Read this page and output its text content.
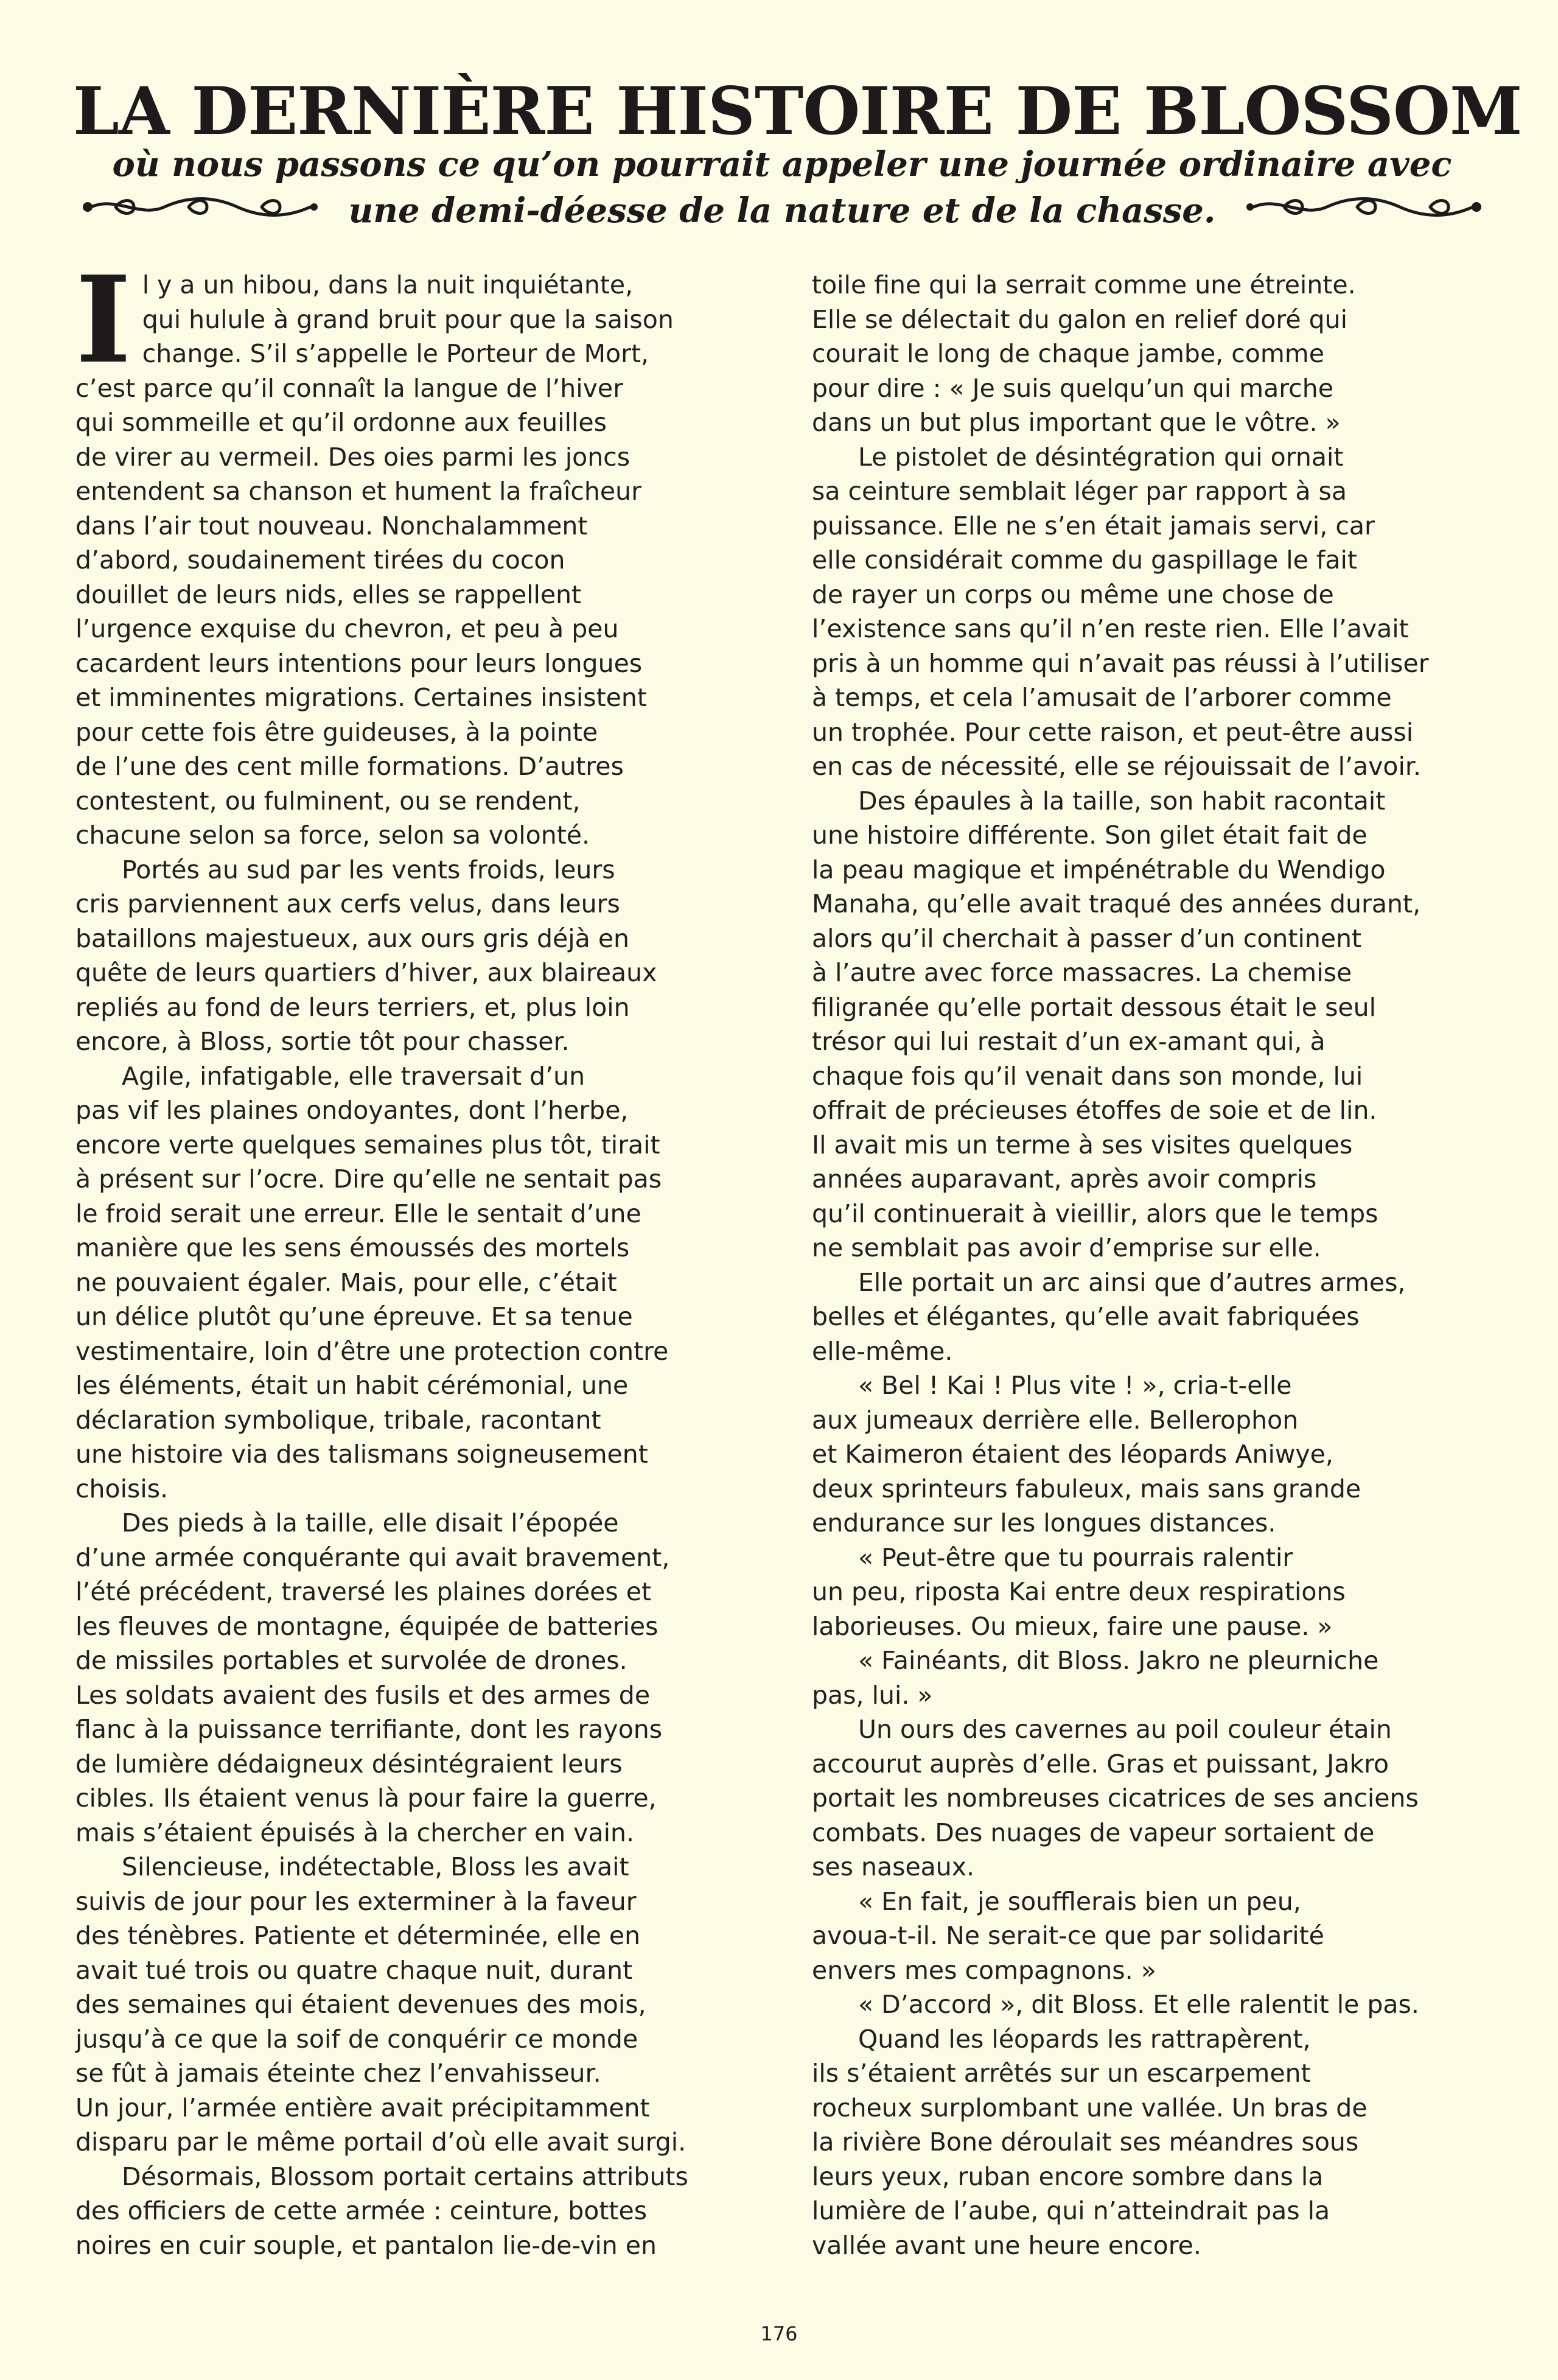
LA DERNIÈRE HISTOIRE DE BLOSSOM
où nous passons ce qu’on pourrait appeler une journée ordinaire avec
une demi-déesse de la nature et de la chasse.

I l y a un hibou, dans la nuit inquiétante,
qui hulule à grand bruit pour que la saison
change. S’il s’appelle le Porteur de Mort,
c’est parce qu’il connaît la langue de l’hiver
qui sommeille et qu’il ordonne aux feuilles
de virer au vermeil. Des oies parmi les joncs
entendent sa chanson et hument la fraîcheur
dans l’air tout nouveau. Nonchalamment
d’abord, soudainement tirées du cocon
douillet de leurs nids, elles se rappellent
l’urgence exquise du chevron, et peu à peu
cacardent leurs intentions pour leurs longues
et imminentes migrations. Certaines insistent
pour cette fois être guideuses, à la pointe
de l’une des cent mille formations. D’autres
contestent, ou fulminent, ou se rendent,
chacune selon sa force, selon sa volonté.

Portés au sud par les vents froids, leurs
cris parviennent aux cerfs velus, dans leurs
bataillons majestueux, aux ours gris déjà en
quête de leurs quartiers d’hiver, aux blaireaux
repliés au fond de leurs terriers, et, plus loin
encore, à Bloss, sortie tôt pour chasser.

Agile, infatigable, elle traversait d’un
pas vif les plaines ondoyantes, dont l’herbe,
encore verte quelques semaines plus tôt, tirait
à présent sur l’ocre. Dire qu’elle ne sentait pas
le froid serait une erreur. Elle le sentait d’une
manière que les sens émoussés des mortels
ne pouvaient égaler. Mais, pour elle, c’était
un délice plutôt qu’une épreuve. Et sa tenue
vestimentaire, loin d’être une protection contre
les éléments, était un habit cérémonial, une
déclaration symbolique, tribale, racontant
une histoire via des talismans soigneusement
choisis.

Des pieds à la taille, elle disait l’épopée
d’une armée conquérante qui avait bravement,
l’été précédent, traversé les plaines dorées et
les fleuves de montagne, équipée de batteries
de missiles portables et survolée de drones.
Les soldats avaient des fusils et des armes de
flanc à la puissance terrifiante, dont les rayons
de lumière dédaigneux désintégraient leurs
cibles. Ils étaient venus là pour faire la guerre,
mais s’étaient épuisés à la chercher en vain.

Silencieuse, indétectable, Bloss les avait
suivis de jour pour les exterminer à la faveur
des ténèbres. Patiente et déterminée, elle en
avait tué trois ou quatre chaque nuit, durant
des semaines qui étaient devenues des mois,
jusqu’à ce que la soif de conquérir ce monde
se fût à jamais éteinte chez l’envahisseur.
Un jour, l’armée entière avait précipitamment
disparu par le même portail d’où elle avait surgi.

Désormais, Blossom portait certains attributs
des officiers de cette armée : ceinture, bottes
noires en cuir souple, et pantalon lie-de-vin en

toile fine qui la serrait comme une étreinte.
Elle se délectait du galon en relief doré qui
courait le long de chaque jambe, comme
pour dire : « Je suis quelqu’un qui marche
dans un but plus important que le vôtre. »

Le pistolet de désintégration qui ornait
sa ceinture semblait léger par rapport à sa
puissance. Elle ne s’en était jamais servi, car
elle considérait comme du gaspillage le fait
de rayer un corps ou même une chose de
l’existence sans qu’il n’en reste rien. Elle l’avait
pris à un homme qui n’avait pas réussi à l’utiliser
à temps, et cela l’amusait de l’arborer comme
un trophée. Pour cette raison, et peut-être aussi
en cas de nécessité, elle se réjouissait de l’avoir.

Des épaules à la taille, son habit racontait
une histoire différente. Son gilet était fait de
la peau magique et impénétrable du Wendigo
Manaha, qu’elle avait traqué des années durant,
alors qu’il cherchait à passer d’un continent
à l’autre avec force massacres. La chemise
filigranée qu’elle portait dessous était le seul
trésor qui lui restait d’un ex-amant qui, à
chaque fois qu’il venait dans son monde, lui
offrait de précieuses étoffes de soie et de lin.
Il avait mis un terme à ses visites quelques
années auparavant, après avoir compris
qu’il continuerait à vieillir, alors que le temps
ne semblait pas avoir d’emprise sur elle.

Elle portait un arc ainsi que d’autres armes,
belles et élégantes, qu’elle avait fabriquées
elle-même.

« Bel ! Kai ! Plus vite ! », cria-t-elle
aux jumeaux derrière elle. Bellerophon
et Kaimeron étaient des léopards Aniwye,
deux sprinteurs fabuleux, mais sans grande
endurance sur les longues distances.

« Peut-être que tu pourrais ralentir
un peu, riposta Kai entre deux respirations
laborieuses. Ou mieux, faire une pause. »

« Fainéants, dit Bloss. Jakro ne pleurniche
pas, lui. »

Un ours des cavernes au poil couleur étain
accourut auprès d’elle. Gras et puissant, Jakro
portait les nombreuses cicatrices de ses anciens
combats. Des nuages de vapeur sortaient de
ses naseaux.

« En fait, je soufflerais bien un peu,
avoua-t-il. Ne serait-ce que par solidarité
envers mes compagnons. »

« D’accord », dit Bloss. Et elle ralentit le pas.

Quand les léopards les rattrapèrent,
ils s’étaient arrêtés sur un escarpement
rocheux surplombant une vallée. Un bras de
la rivière Bone déroulait ses méandres sous
leurs yeux, ruban encore sombre dans la
lumière de l’aube, qui n’atteindrait pas la
vallée avant une heure encore.

176
